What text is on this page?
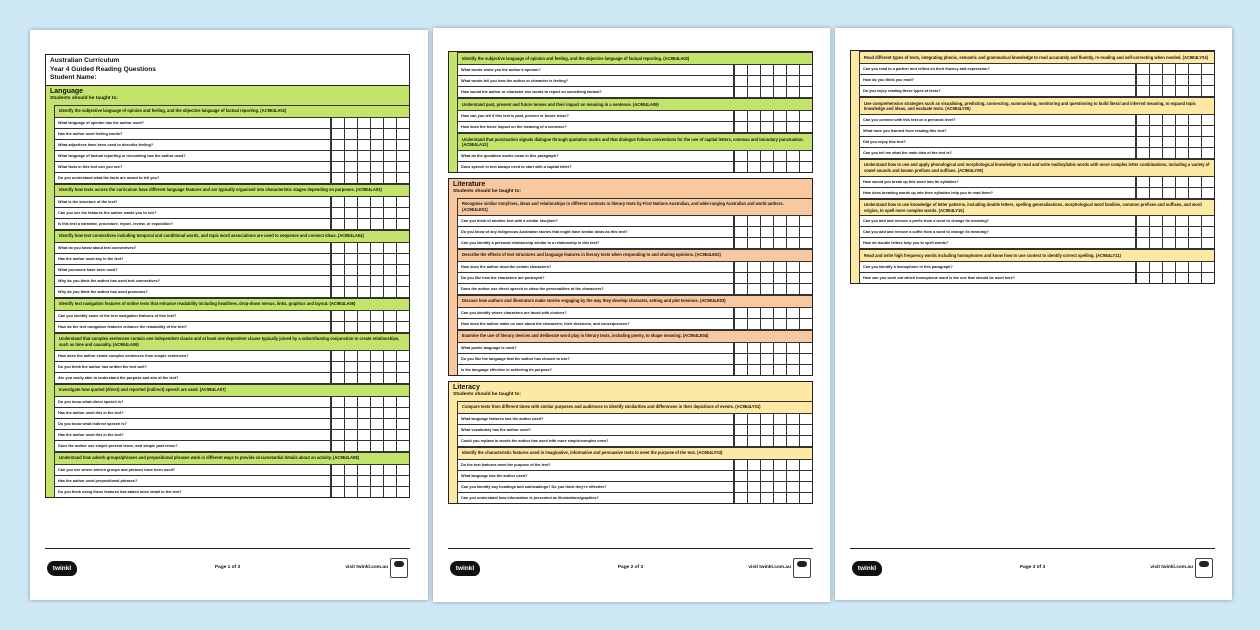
Australian Curriculum
Year 4 Guided Reading Questions
Student Name:
Language
Students should be taught to:
Identify the subjective language of opinion and feeling, and the objective language of factual reporting. (AC9E4LA02)
What language of opinion has the author used?
Has the author used feeling words?
What adjectives have been used to describe feeling?
What language of factual reporting or recounting has the author used?
What facts in this text can you see?
Do you understand what the facts are meant to tell you?
Identify how texts across the curriculum have different language features and are typically organised into characteristic stages depending on purposes. (AC9E4LA03)
What is the structure of the text?
Can you see the features the author wants you to see?
Is this text a narrative, procedure, report, review, or exposition?
Identify how text connectives including temporal and conditional words, and topic word associations are used to sequence and connect ideas. (AC9E4LA04)
What do you know about text connectives?
Has the author used any in the text?
What pronouns have been used?
Why do you think the author has used text connectives?
Why do you think the author has used pronouns?
Identify text navigation features of online texts that enhance readability including headlines, drop-down menus, links, graphics and layout. (AC9E4LA05)
Can you identify some of the text navigation features of this text?
How do the text navigation features enhance the readability of the text?
Understand that complex sentences contain one independent clause and at least one dependent clause typically joined by a subordinating conjunction to create relationships, such as time and causality. (AC9E4LA06)
How does the author create complex sentences from simple sentences?
Do you think the author has written the text well?
Are you easily able to understand the purpose and aim of the text?
Investigate how quoted (direct) and reported (indirect) speech are used. (AC9E4LA07)
Do you know what direct speech is?
Has the author used this in the text?
Do you know what indirect speech is?
Has the author used this in the text?
Does the author use simple present tense, and simple past tense?
Understand how adverb groups/phrases and prepositional phrases work in different ways to provide circumstantial details about an activity. (AC9E4LA08)
Can you see where adverb groups and phrases have been used?
Has the author used prepositional phrases?
Do you think using these features has added more detail to the text?
twinkl	Page 1 of 3	visit twinkl.com.au
Identify the subjective language of opinion and feeling, and the objective language of factual reporting. (AC9E4LA02)
What words show you the author's opinion?
What words tell you how the author or character is feeling?
How would the author or character use words to report on something factual?
Understand past, present and future tenses and their impact on meaning in a sentence. (AC9E4LA09)
How can you tell if this text is past, present or future tense?
How does the tense impact on the meaning of a sentence?
Understand that punctuation signals dialogue through quotation marks and that dialogue follows conventions for the use of capital letters, commas and boundary punctuation. (AC9E4LA12)
What do the quotation marks mean in this paragraph?
Does speech in text always need to start with a capital letter?
Literature
Students should be taught to:
Recognise similar storylines, ideas and relationships in different contexts in literary texts by First Nations Australian, and wide-ranging Australian and world authors. (AC9E4LE01)
Can you think of another text with a similar storyline?
Do you know of any Indigenous Australian stories that might have similar ideas as this text?
Can you identify a personal relationship similar to a relationship in this text?
Describe the effects of text structures and language features in literary texts when responding to and sharing opinions. (AC9E4LE02)
How does the author describe certain characters?
Do you like how the characters are portrayed?
Does the author use direct speech to show the personalities of the characters?
Discuss how authors and illustrators make stories engaging by the way they develop character, setting and plot tensions. (AC9E4LE03)
Can you identify where characters are faced with choices?
How does the author make us care about the characters, their decisions, and consequences?
Examine the use of literary devices and deliberate word play in literary texts, including poetry, to shape meaning. (AC9E4LE04)
What poetic language is used?
Do you like the language that the author has chosen to use?
Is the language effective in achieving its purpose?
Literacy
Students should be taught to:
Compare texts from different times with similar purposes and audiences to identify similarities and differences in their depictions of events. (AC9E4LY01)
What language features has the author used?
What vocabulary has the author used?
Could you replace in words the author has used with more simple/complex ones?
Identify the characteristic features used in imaginative, informative and persuasive texts to meet the purpose of the text. (AC9E4LY03)
Do the text features meet the purpose of the text?
What language has the author used?
Can you identify any headings and subheadings? Do you think they're effective?
Can you understand how information is presented as illustrations/graphics?
twinkl	Page 2 of 3	visit twinkl.com.au
Read different types of texts, integrating phonic, semantic and grammatical knowledge to read accurately and fluently, re-reading and self-correcting when needed. (AC9E4LY04)
Can you read to a partner and reflect on their fluency and expression?
How do you think you read?
Do you enjoy reading these types of texts?
Use comprehension strategies such as visualising, predicting, connecting, summarising, monitoring and questioning to build literal and inferred meaning, to expand topic knowledge and ideas, and evaluate texts. (AC9E4LY05)
Can you connect with this text on a personal level?
What have you learned from reading this text?
Did you enjoy this text?
Can you tell me what the main idea of the text is?
Understand how to use and apply phonological and morphological knowledge to read and write multisyllabic words with more complex letter combinations, including a variety of vowel sounds and known prefixes and suffixes. (AC9E4LY09)
How would you break up this word into its syllables?
How does breaking words up into their syllables help you to read them?
Understand how to use knowledge of letter patterns, including double letters, spelling generalisations, morphological word families, common prefixes and suffixes, and word origins, to spell more complex words. (AC9E4LY10)
Can you add and remove a prefix from a word to change its meaning?
Can you add and remove a suffix from a word to change its meaning?
How do double letters help you to spell words?
Read and write high frequency words including homophones and know how to use context to identify correct spelling. (AC9E4LY11)
Can you identify a homophone in this paragraph?
How can you work out which homophone word is the one that should be used here?
twinkl	Page 3 of 3	visit twinkl.com.au
